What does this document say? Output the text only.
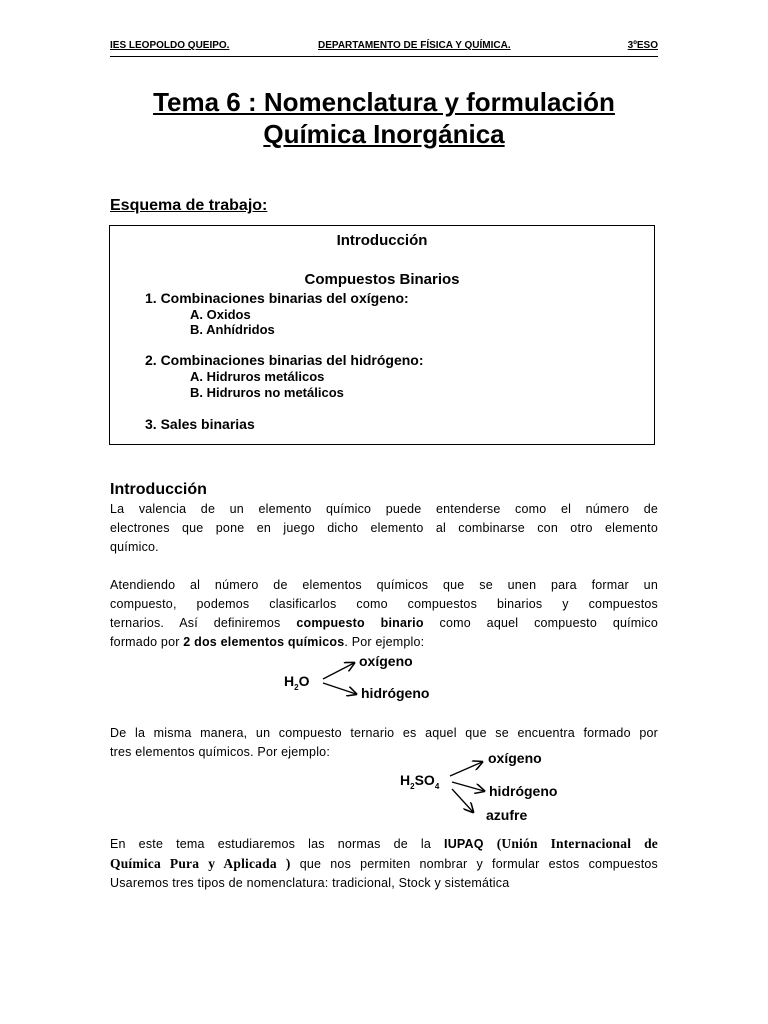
IES LEOPOLDO QUEIPO.	DEPARTAMENTO DE FÍSICA Y QUÍMICA.	3ºESO
Tema 6 : Nomenclatura y formulación
Química Inorgánica
Esquema de trabajo:
Introducción
Compuestos Binarios
1. Combinaciones binarias del oxígeno:
A. Oxidos
B. Anhídridos
2. Combinaciones binarias del hidrógeno:
A. Hidruros metálicos
B. Hidruros no metálicos
3. Sales binarias
Introducción
La valencia de un elemento químico puede entenderse como el número de
electrones que pone en juego dicho elemento al combinarse con otro elemento
químico.
Atendiendo al número de elementos químicos que se unen para formar un
compuesto, podemos clasificarlos como compuestos binarios y compuestos
ternarios. Así definiremos compuesto binario como aquel compuesto químico
formado por 2 dos elementos químicos. Por ejemplo:
$H_2O$
oxígeno
hidrógeno
De la misma manera, un compuesto ternario es aquel que se encuentra formado por
tres elementos químicos. Por ejemplo:
$H_2SO_4$
oxígeno
hidrógeno
azufre
En este tema estudiaremos las normas de la IUPAQ (Unión Internacional de
Química Pura y Aplicada ) que nos permiten nombrar y formular estos compuestos
Usaremos tres tipos de nomenclatura: tradicional, Stock y sistemática
